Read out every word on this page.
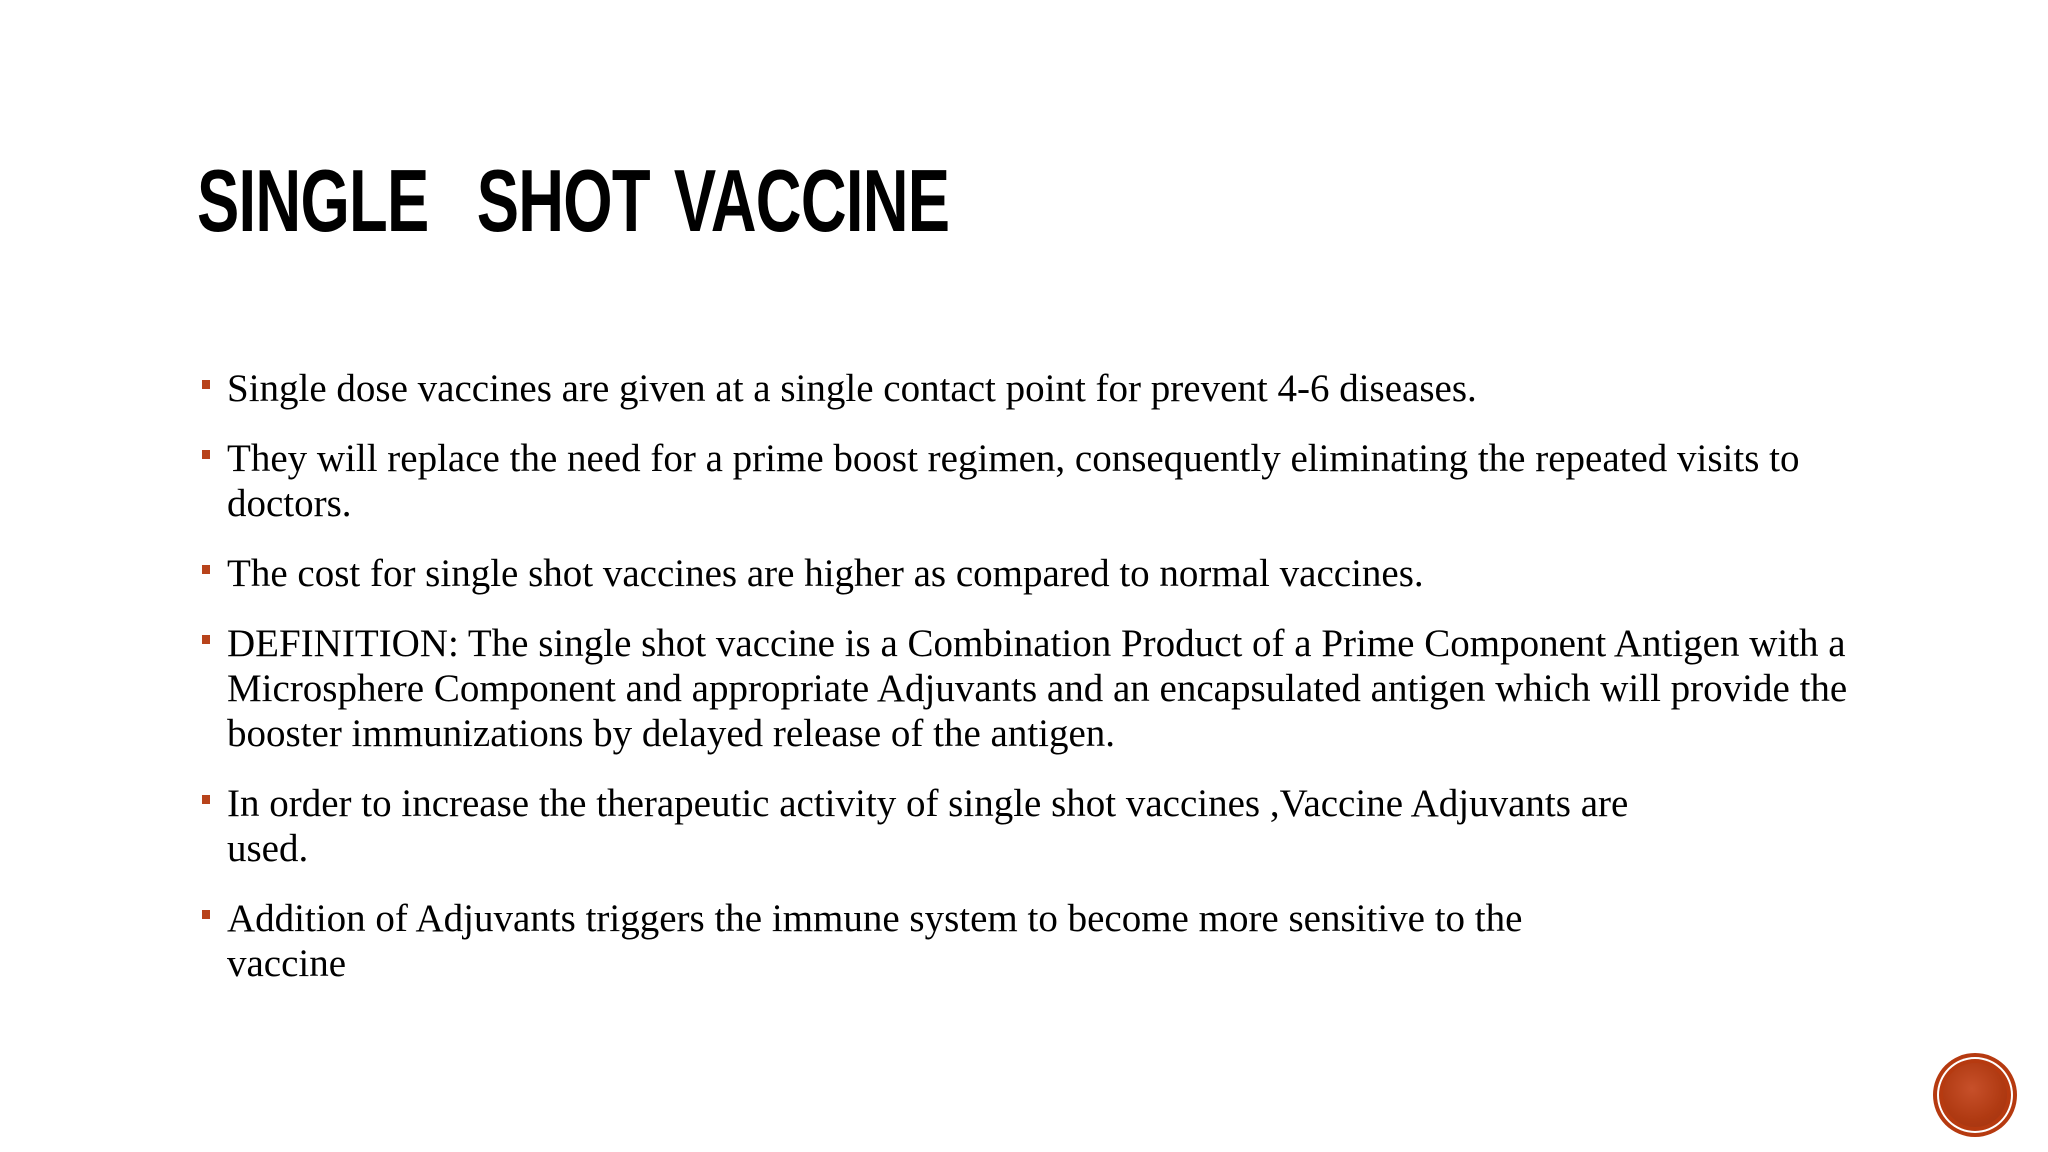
SINGLE  SHOT VACCINE
Single dose vaccines are given at a single contact point for prevent 4-6 diseases.
They will replace the need for a prime boost regimen, consequently eliminating the repeated visits to doctors.
The cost for single shot vaccines are higher as compared to normal vaccines.
DEFINITION: The single shot vaccine is a Combination Product of a Prime Component Antigen with a Microsphere Component and appropriate Adjuvants and an encapsulated antigen which will provide the booster immunizations by delayed release of the antigen.
In order to increase the therapeutic activity of single shot vaccines ,Vaccine Adjuvants are used.
Addition of Adjuvants triggers the immune system to become more sensitive to the vaccine
